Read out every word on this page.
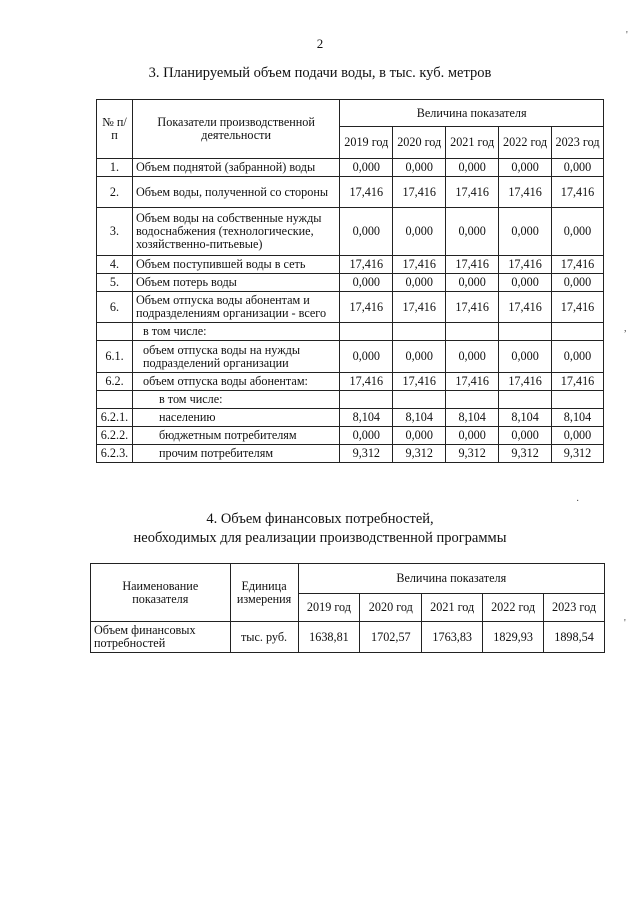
2
3. Планируемый объем подачи воды, в тыс. куб. метров
№ п/п	Показатели производственной деятельности	Величина показателя				
		2019 год	2020 год	2021 год	2022 год	2023 год
1.	Объем поднятой (забранной) воды	0,000	0,000	0,000	0,000	0,000
2.	Объем воды, полученной со стороны	17,416	17,416	17,416	17,416	17,416
3.	Объем воды на собственные нужды водоснабжения (технологические, хозяйственно-питьевые)	0,000	0,000	0,000	0,000	0,000
4.	Объем поступившей воды в сеть	17,416	17,416	17,416	17,416	17,416
5.	Объем потерь воды	0,000	0,000	0,000	0,000	0,000
6.	Объем отпуска воды абонентам и подразделениям организации - всего	17,416	17,416	17,416	17,416	17,416
	в том числе:					
6.1.	объем отпуска воды на нужды подразделений организации	0,000	0,000	0,000	0,000	0,000
6.2.	объем отпуска воды абонентам:	17,416	17,416	17,416	17,416	17,416
	в том числе:					
6.2.1.	населению	8,104	8,104	8,104	8,104	8,104
6.2.2.	бюджетным потребителям	0,000	0,000	0,000	0,000	0,000
6.2.3.	прочим потребителям	9,312	9,312	9,312	9,312	9,312
4. Объем финансовых потребностей,
необходимых для реализации производственной программы
Наименование показателя	Единица измерения	Величина показателя				
		2019 год	2020 год	2021 год	2022 год	2023 год
Объем финансовых потребностей	тыс. руб.	1638,81	1702,57	1763,83	1829,93	1898,54
'
,
·
'
